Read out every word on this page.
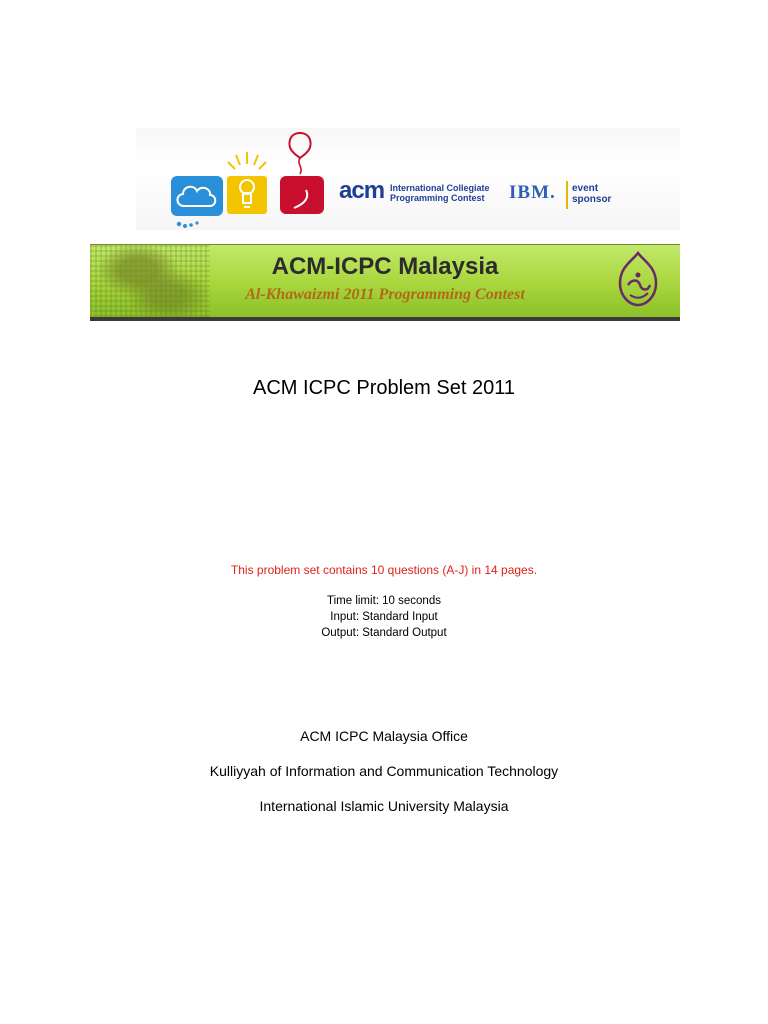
acm International Collegiate
Programming Contest IBM. event
sponsor
ACM-ICPC Malaysia
Al-Khawaizmi 2011 Programming Contest
ACM ICPC Problem Set 2011
This problem set contains 10 questions (A-J) in 14 pages.
Time limit: 10 seconds
Input: Standard Input
Output: Standard Output
ACM ICPC Malaysia Office
Kulliyyah of Information and Communication Technology
International Islamic University Malaysia
